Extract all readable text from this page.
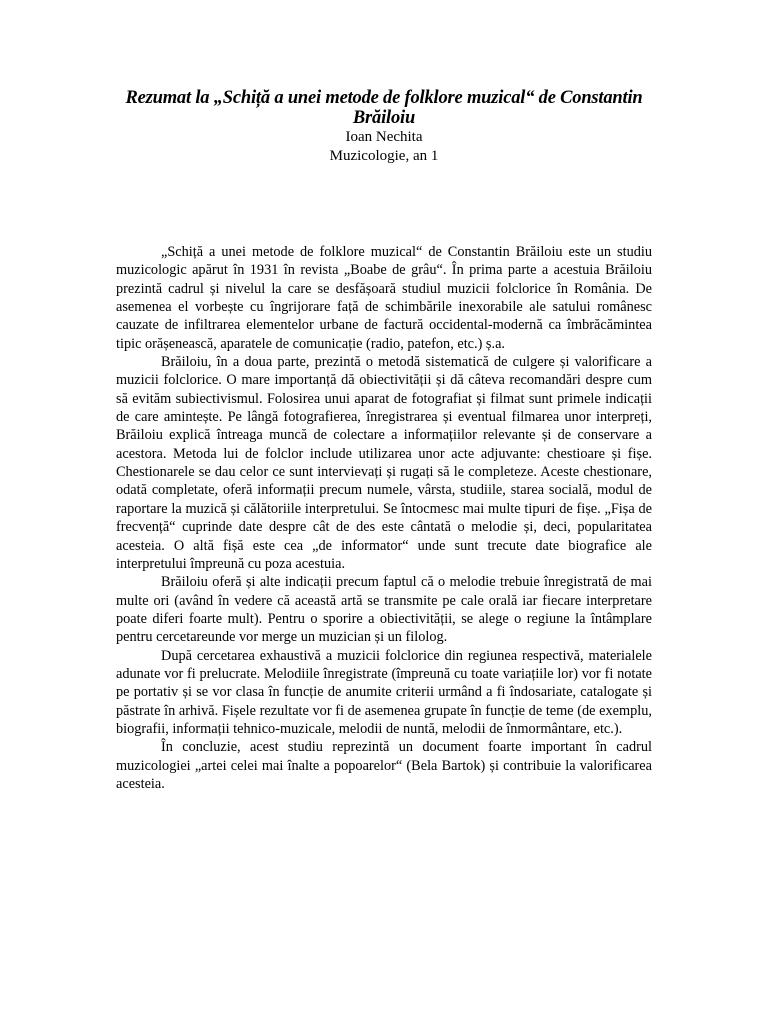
Rezumat la „Schiță a unei metode de folklore muzical“ de Constantin Brăiloiu
Ioan Nechita
Muzicologie, an 1

„Schiță a unei metode de folklore muzical“ de Constantin Brăiloiu este un studiu muzicologic apărut în 1931 în revista „Boabe de grâu“. În prima parte a acestuia Brăiloiu prezintă cadrul și nivelul la care se desfășoară studiul muzicii folclorice în România. De asemenea el vorbește cu îngrijorare față de schimbările inexorabile ale satului românesc cauzate de infiltrarea elementelor urbane de factură occidental-modernă ca îmbrăcămintea tipic orășenească, aparatele de comunicație (radio, patefon, etc.) ș.a.

Brăiloiu, în a doua parte, prezintă o metodă sistematică de culgere și valorificare a muzicii folclorice. O mare importanță dă obiectivității și dă câteva recomandări despre cum să evităm subiectivismul. Folosirea unui aparat de fotografiat și filmat sunt primele indicații de care amintește. Pe lângă fotografierea, înregistrarea și eventual filmarea unor interpreți, Brăiloiu explică întreaga muncă de colectare a informațiilor relevante și de conservare a acestora. Metoda lui de folclor include utilizarea unor acte adjuvante: chestioare și fișe. Chestionarele se dau celor ce sunt intervievați și rugați să le completeze. Aceste chestionare, odată completate, oferă informații precum numele, vârsta, studiile, starea socială, modul de raportare la muzică și călătoriile interpretului. Se întocmesc mai multe tipuri de fișe. „Fișa de frecvență“ cuprinde date despre cât de des este cântată o melodie și, deci, popularitatea acesteia. O altă fișă este cea „de informator“ unde sunt trecute date biografice ale interpretului împreună cu poza acestuia.

Brăiloiu oferă și alte indicații precum faptul că o melodie trebuie înregistrată de mai multe ori (având în vedere că această artă se transmite pe cale orală iar fiecare interpretare poate diferi foarte mult). Pentru o sporire a obiectivității, se alege o regiune la întâmplare pentru cercetareunde vor merge un muzician și un filolog.

După cercetarea exhaustivă a muzicii folclorice din regiunea respectivă, materialele adunate vor fi prelucrate. Melodiile înregistrate (împreună cu toate variațiile lor) vor fi notate pe portativ și se vor clasa în funcție de anumite criterii urmând a fi îndosariate, catalogate și păstrate în arhivă. Fișele rezultate vor fi de asemenea grupate în funcție de teme (de exemplu, biografii, informații tehnico-muzicale, melodii de nuntă, melodii de înmormântare, etc.).

În concluzie, acest studiu reprezintă un document foarte important în cadrul muzicologiei „artei celei mai înalte a popoarelor“ (Bela Bartok) și contribuie la valorificarea acesteia.
